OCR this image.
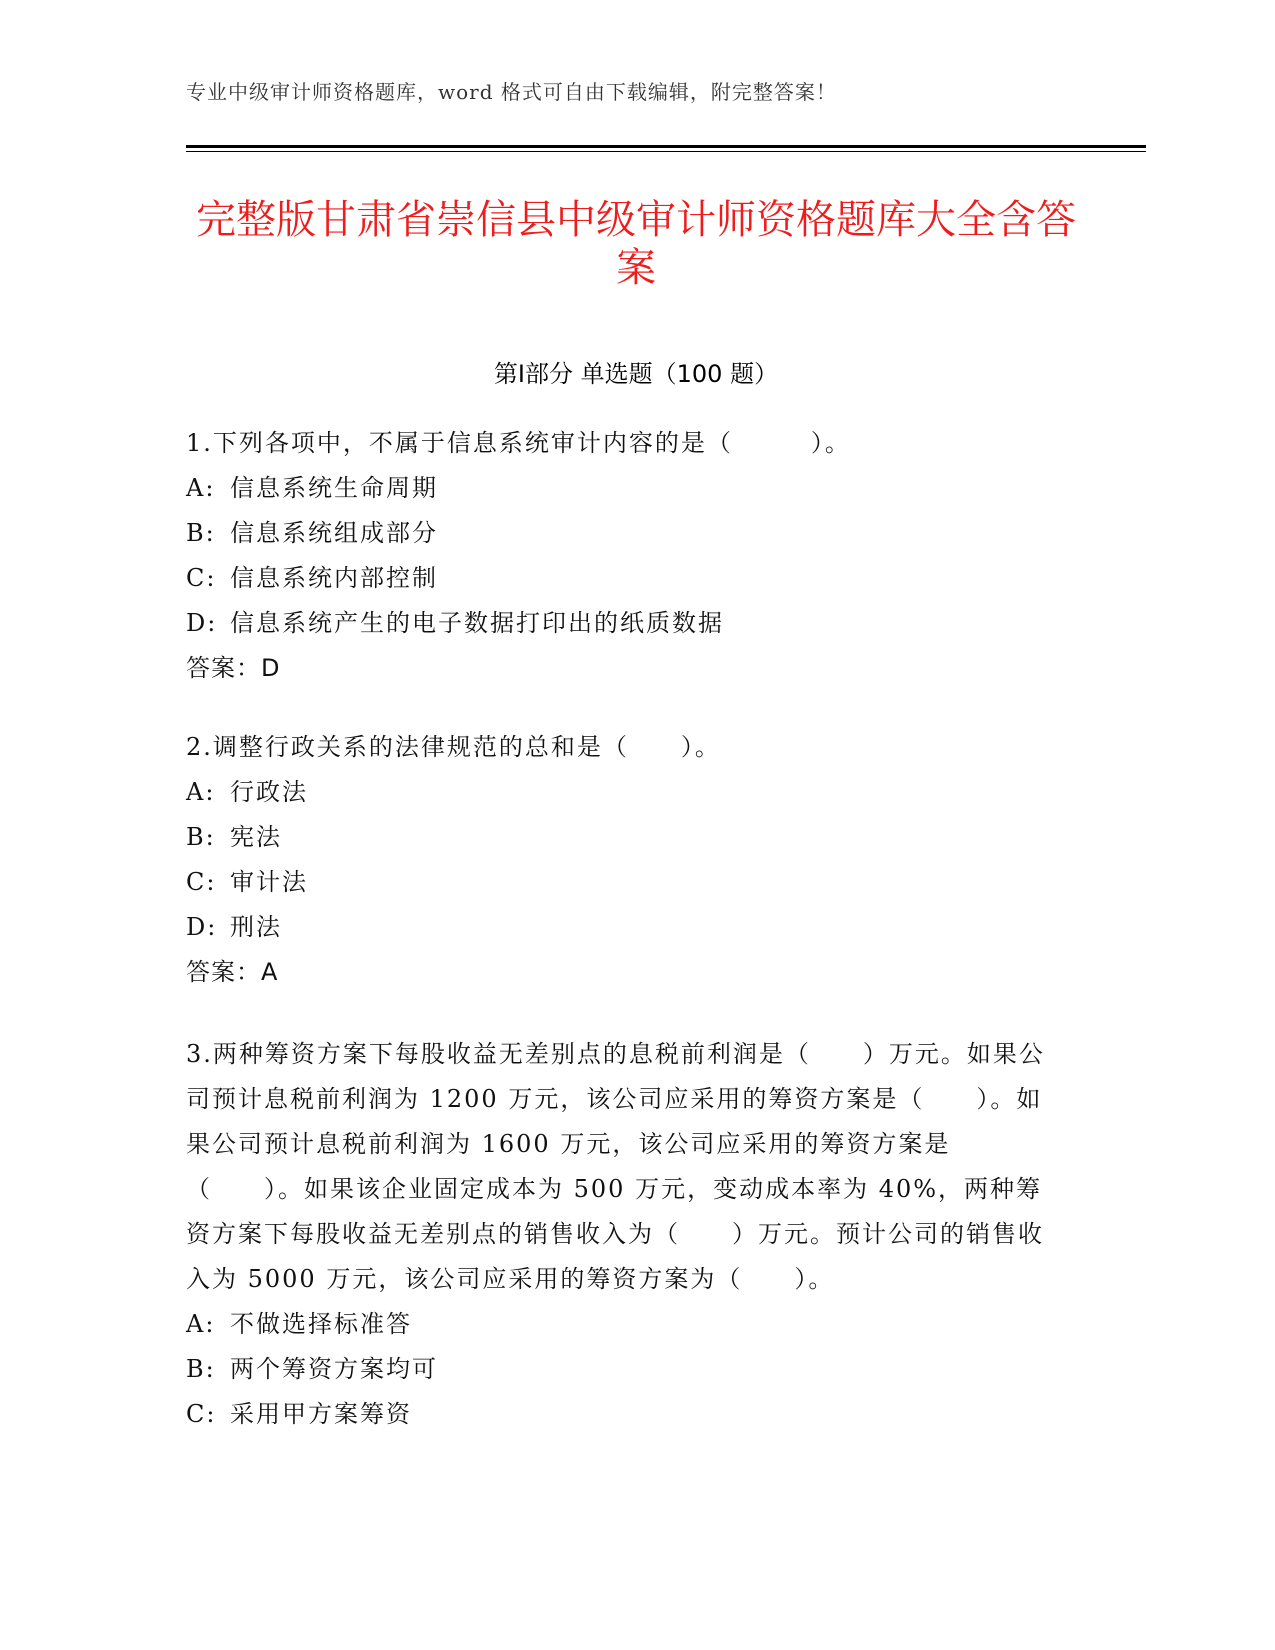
专业中级审计师资格题库，word 格式可自由下载编辑，附完整答案！
完整版甘肃省崇信县中级审计师资格题库大全含答案
第Ⅰ部分 单选题（100 题）

1.下列各项中，不属于信息系统审计内容的是（　　　）。

A: 信息系统生命周期

B: 信息系统组成部分

C: 信息系统内部控制

D: 信息系统产生的电子数据打印出的纸质数据

答案：D

2.调整行政关系的法律规范的总和是（　　）。

A: 行政法

B: 宪法

C: 审计法

D: 刑法

答案：A

3.两种筹资方案下每股收益无差别点的息税前利润是（　　）万元。如果公司预计息税前利润为 1200 万元，该公司应采用的筹资方案是（　　）。如果公司预计息税前利润为 1600 万元，该公司应采用的筹资方案是（　　）。如果该企业固定成本为 500 万元，变动成本率为 40%，两种筹资方案下每股收益无差别点的销售收入为（　　）万元。预计公司的销售收入为 5000 万元，该公司应采用的筹资方案为（　　）。

A: 不做选择标准答

B: 两个筹资方案均可

C: 采用甲方案筹资
